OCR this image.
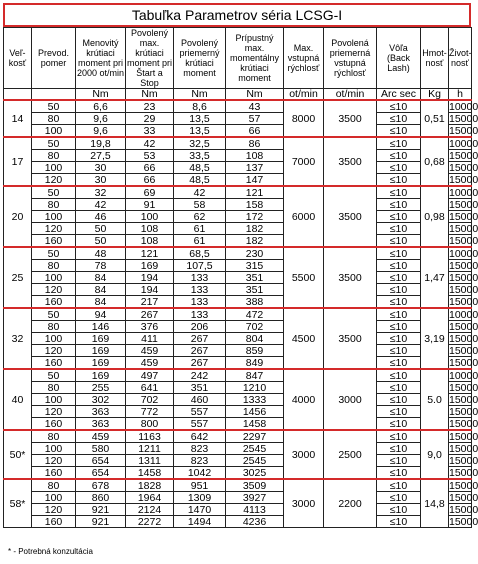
Tabuľka Parametrov séria LCSG-I
Veľ-kosť	Prevod. pomer	Menovitý krútiaci moment pri 2000 ot/min	Povolený max. krútiaci moment pri Štart a Stop	Povolený priemerný krútiaci moment	Prípustný max. momentálny krútiaci moment	Max. vstupná rýchlosť	Povolená priemerná vstupná rýchlosť	Vôľa (Back Lash)	Hmot-nosť	Život-nosť
		Nm	Nm	Nm	Nm	ot/min	ot/min	Arc sec	Kg	h
14	50	6,6	23	8,6	43	8000	3500	≤10	0,51	10000
	80	9,6	29	13,5	57			≤10		15000
	100	9,6	33	13,5	66			≤10		15000
17	50	19,8	42	32,5	86	7000	3500	≤10	0,68	10000
	80	27,5	53	33,5	108			≤10		15000
	100	30	66	48,5	137			≤10		15000
	120	30	66	48,5	147			≤10		15000
20	50	32	69	42	121	6000	3500	≤10	0,98	10000
	80	42	91	58	158			≤10		15000
	100	46	100	62	172			≤10		15000
	120	50	108	61	182			≤10		15000
	160	50	108	61	182			≤10		15000
25	50	48	121	68,5	230	5500	3500	≤10	1,47	10000
	80	78	169	107,5	315			≤10		15000
	100	84	194	133	351			≤10		15000
	120	84	194	133	351			≤10		15000
	160	84	217	133	388			≤10		15000
32	50	94	267	133	472	4500	3500	≤10	3,19	10000
	80	146	376	206	702			≤10		15000
	100	169	411	267	804			≤10		15000
	120	169	459	267	859			≤10		15000
	160	169	459	267	849			≤10		15000
40	50	169	497	242	847	4000	3000	≤10	5.0	10000
	80	255	641	351	1210			≤10		15000
	100	302	702	460	1333			≤10		15000
	120	363	772	557	1456			≤10		15000
	160	363	800	557	1458			≤10		15000
50*	80	459	1163	642	2297	3000	2500	≤10	9,0	15000
	100	580	1211	823	2545			≤10		15000
	120	654	1311	823	2545			≤10		15000
	160	654	1458	1042	3025			≤10		15000
58*	80	678	1828	951	3509	3000	2200	≤10	14,8	15000
	100	860	1964	1309	3927			≤10		15000
	120	921	2124	1470	4113			≤10		15000
	160	921	2272	1494	4236			≤10		15000
* - Potrebná konzultácia
